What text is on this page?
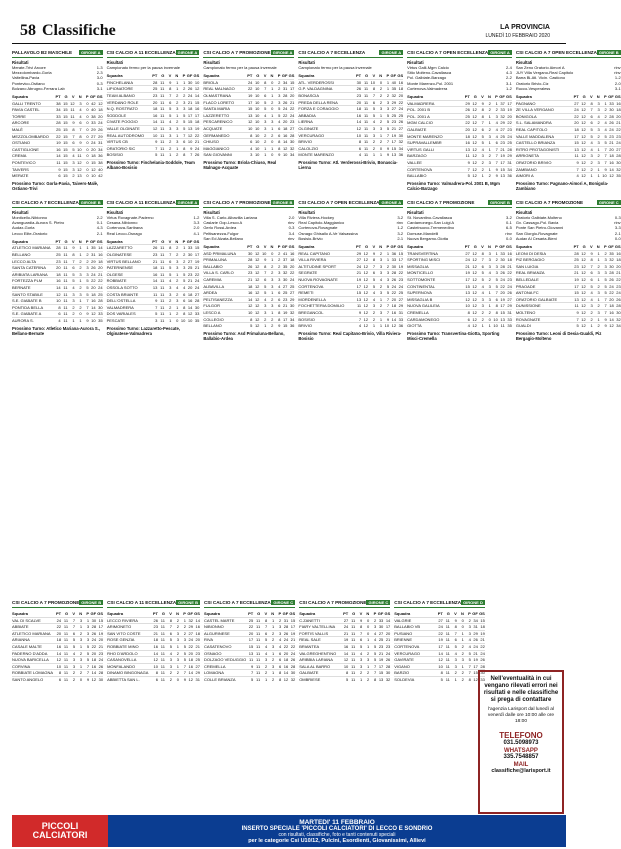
58 Classifiche	LA PROVINCIA
LUNEDÌ 10 FEBBRAIO 2020
PALLAVOLO B2 MASCHILE	GIRONE A
Risultati
Merate-Trivi Arcore	1-3
Mezzolombardo-Gorla	2-3
Valtellina-Pavia	3-0
Pontevico-Ostiano	0-3
Bolzano Abrugno-Ferrara Lab	3-1
Squadra	PT G	V	N	P GF GS
GALLI TRENTO	38 15 12	3	0 42 12
PAVIA CASTEL	34 15 11	4	0 40 18
TORRE	33 15 11	4	0 38 20
ARCORE	28 15	9	6	0 33 24
MALÈ	25 15	8	7	0 29 26
MEZZOLOMBARDO	22 15	7	8	0 27 29
OSTIANO	19 15	6	9	0 24 31
CASTIGLIONE	16 15	5 10	0 20 34
CREMA	14 15	4 11	0 18 36
PONTEVICO	11 15	3 12	0 15 38
TAIVERS	9 15	3 12	0 12 40
MERATE	6 15	2 13	0 10 42
Prossimo Turno: Gorla-Pavia, Taivers-Malè, Ostiano-Trivi
CSI CALCIO A 7 ECCELLENZA GIRONE B
Risultati
Monticello-Nibionno	2-2
Avanguardia-Aurora S. Pietro	0-1
Audax-Gorla	4-3
Lecco Elite-Oratorio	2-1
Squadra	PT G	V	N	P GF GS
ATLETICO MARIANA	28 11	9	1	1 35 14
BELLANO	25 11	8	1	2 31 16
LECCO ALTA	23 11	7	2	2 29 18
SANTA CATERINA	20 11	6	2	3 26 20
ARIBIATA LARIANA	18 11	5	3	3 24 21
FORTEZZA PLM	16 11	5	1	5 22 22
BERNATE	14 11	4	2	5 20 24
SANTO STABILE	12 11	3	3	5 18 25
S.E. GIABATE B	10 11	3	1	7 16 28
PONTIDA BELLA	8 11	2	2	7 14 30
S.E. GIABATE A	6 11	2	0	9 12 33
AURORA S.	4 11	1	1	9 10 35
Prossimo Turno: Atletico Mariana-Aurora S., Bellano-Bernate
CSI CALCIO A 11 ECCELLENZA GIRONE A
Risultati
Campionato fermo per la pausa invernale
Squadra	PT G	V	N	P GF GS
FINCHELANIA	28 11	9	1	1 30 10
LIPIONATORE	25 11	8	1	2 26 12
TEAM ALBANO	23 11	7	2	2 24 14
VERDANO ROLE	20 11	6	2	3 21 15
N.Q. ROSTRATO	18 11	5	3	3 18 16
SODDOLE	16 11	5	1	5 17 17
CIVATE POGGIO	14 11	4	2	5 15 18
VALLE OLGINATE	12 11	3	3	5 13 19
REAL AUTODROMO	10 11	3	1	7 12 22
VIRTUS CB	9 11	2	3	6 10 21
ORATORIO SIC	7 11	2	1	8	9 24
BOSISIO	5 11	1	2	8	7 26
Prossimo Turno: Finchelania-Soddole, Team Albano-Bosisio
CSI CALCIO A 11 ECCELLENZA GIRONE A
Risultati
Virtus Rovagnate-Paderno	1-2
Cesana-Nibionno	3-3
Cortenova-Sartirana	2-0
Real Lecco-Osnago	4-1
Squadra	PT G	V	N	P GF GS
LAZZARETTO	26 11	8	2	1 33 15
OLGINATESE	23 11	7	2	2 30 17
VIRTUS BELLANO	21 11	6	3	2 27 19
PATERNENSE	18 11	5	3	3 25 21
OLGESE	16 11	5	1	5 23 22
ROBBIATE	14 11	4	2	5 21 24
OSSOLA SOTTO	13 11	3	4	4 20 24
COSTA BRIANTE	11 11	3	2	6 18 27
DELL'OSTELLA	9 11	2	3	6 16 28
VALMADRERA	7 11	2	1	8 14 30
DOS VARIALES	5 11	1	2	8 12 33
PESCATE	3 11	1	0 10 10 35
Prossimo Turno: Lazzaretto-Pescate, Olginatese-Valmadrera
CSI CALCIO A 7 PROMOZIONE GIRONE A
Risultati
Campionato fermo per la pausa invernale
Squadra	PT G	V	N	P GF GS
BRIOLA	24 10	8	0	2 34 15
REAL MALNAGO	22 10	7	1	2 31 17
OLMASTRANA	19 10	6	1	3 28 20
FLACO LORETO	17 10	5	2	3 26 21
SANTA MARIA	15 10	5	0	5 24 22
LAZZERETTO	13 10	4	1	5 22 24
PESCARENICO	12 10	3	3	4 20 23
ACQUATE	10 10	3	1	6 18 27
GERMANEDO	8 10	2	2	6 16 28
CHIUSO	6 10	2	0	8 14 30
MAGGIANICO	4 10	1	1	8 12 32
SAN GIOVANNI	3 10	1	0	9 10 34
Prossimo Turno: Briola-Chiuso, Real Malnago-Acquate
CSI CALCIO A 7 PROMOZIONE GIRONE B
Risultati
Villa S. Carlo-Albavilla Lariana	2-0
Caslarie Oop-Lesco A	rinv
Gerlo Rossi-Ardea	0-3
Peltisanezza-Fulgor	3-4
San Ed Alzata-Bellano	rinv
Squadra	PT G	V	N	P GF GS
ASD PRIMALUNA	30 12 10	0	2 41 16
PRIMALUNA	28 12	9	1	2 37 18
BALLABIO	26 12	8	2	2 35 20
VILLA S. CARLO	23 12	7	2	3 32 22
CAREMIA	21 12	6	3	3 30 24
ALBAVILLA	18 12	5	3	4 27 25
ARDEA	16 12	5	1	6 25 27
PELTISANEZZA	14 12	4	2	6 23 29
FULGOR	12 12	3	3	6 21 30
LESCO A	10 12	3	1	8 19 32
COLLEGIO	8 12	2	2	8 17 34
BELLANO	5 12	1	2	9 15 36
Prossimo Turno: Asd Primaluna-Bellano, Ballabio-Ardea
CSI CALCIO A 7 ECCELLENZA	GIRONE A
Risultati
Campionato fermo per la pausa invernale
Squadra	PT G	V	N	P GF GS
ATL. VERDEROSSI	30 11 10	0	1 40 16
G.P. VALDAGNINA	26 11	8	2	1 35 18
BONASCIA	23 11	7	2	2 32 20
PREDA DELLA RENA	20 11	6	2	3 29 22
FORZA E CORAGGIO	18 11	5	3	3 27 24
ABBADIA	16 11	5	1	5 25 25
LIERNA	14 11	4	2	5 23 26
OLGINATE	12 11	3	3	5 21 27
VERCURAGO	10 11	3	1	7 19 30
BRIVIO	8 11	2	2	7 17 32
CALOLZIO	6 11	2	0	9 15 34
MONTE MARENZO	4 11	1	1	9 13 36
Prossimo Turno: Atl. Verderossi-Brivio, Bonascia-Lierna
CSI CALCIO A 7 OPEN ECCELLENZA GIRONE A
Risultati
Villa Riviera-Hockey	3-2
Real Capitolo-Maggianico	rinv
Cortenova-Rovagnate	1-2
Osnago Ghisallo A-Ve Valsassina	3-2
Bosisio-Brivio	2-1
Squadra	PT G	V	N	P GF GS
REAL CAPITANO	29 12	9	2	1 36 15
VILLA RIVIERA	27 12	8	3	1 33 17
ALTITUDINE SPORT	24 12	7	3	2 30 19
SEGRATE	21 12	6	3	3 28 22
NUOVA ROVAGNATE	19 12	5	4	3 26 23
CORTENOVA	17 12	5	2	5 24 24
REMETI	15 12	4	3	5 22 25
MORDENELLA	13 12	4	1	7 20 27
FOCHETTERIA DOMILIO	11 12	3	2	7 18 29
BREGANCOL	9 12	2	3	7 16 31
BOSISIO	7 12	2	1	9 14 33
BRIVIO	4 12	1	1 10 12 36
Prossimo Turno: Real Capitano-Brivio, Villa Riviera-Bosisio
CSI CALCIO A 7 OPEN ECCELLENZA GIRONE A
Risultati
Virtus Galli-Mgm Calcio	2-4
Sitio Molteno-Cavallasca	4-3
Pol. Galbiate-Barzago	2-2
Monte Marenzo-Pol. 2001	3-1
Cortenova-Valmadrera	1-2
Squadra	PT G	V	N	P GF GS
VALMADRERA	29 12	9	2	1 37 17
POL. 2001 B	26 12	8	2	2 33 19
POL. 2001 A	25 12	8	1	3 32 20
MGM CALCIO	22 12	7	1	4 29 22
GALBIATE	20 12	6	2	4 27 23
MONTE MARENZO	18 12	5	3	4 25 24
SUPRAVALLEMBR	16 12	5	1	6 23 25
VIRTUS GALLI	13 12	4	1	7 21 28
BARZAGO	11 12	3	2	7 19 29
VALLEE	9 12	2	3	7 17 31
CORTENOVA	7 12	2	1	9 15 34
BALLABIO	5 12	1	2	9 13 36
Prossimo Turno: Valmadrera-Pol. 2001 B, Mgm Calcio-Barzago
CSI CALCIO A 7 PROMOZIONE	GIRONE B
Risultati
St. Novantino-Cavallasca	3-2
Cardamonego-San Luigi A	0-1
Castelnuovo-Tremenedino	6-5
Domuse-Mandelli	rinv
Nuova Bergamo-Giotta	0-0
Squadra	PT G	V	N	P GF GS
TRANSVERTINA	27 12	8	3	1 33 16
SPORTING MISCI	24 12	7	3	2 30 18
MISSAGLIA	21 12	6	3	3 28 21
MONTICELLO	19 12	5	4	3 26 22
SOTTOMONTE	17 12	5	2	5 24 23
CONTINENTAL	15 12	4	3	5 22 24
SUPERNOVA	13 12	4	1	7 20 26
MISSAGLIA B	12 12	3	3	6 19 27
NUOVA GALILEIA	10 12	3	1	8 17 29
CREMELLA	8 12	2	2	8 15 31
CARDAMONEGO	6 12	2	0 10 13 33
GIOTTA	4 12	1	1 10 11 35
Prossimo Turno: Transvertina-Giotta, Sporting Misci-Cremella
CSI CALCIO A 7 OPEN ECCELLENZA GIRONE B
Risultati
San Zeno Oratorio Aimori A	rinv
JUY Villa Vergano-Real Capitolo	rinv
Barra Bi-Atl. Vicin. Castiono	1-2
Oratorio Brivio-Ciz	2-0
Rucco-Vesperaless	3-1
Squadra	PT G	V	N	P GF GS
PAGNANO	27 12	8	3	1 33 16
ZE VILLA VERGANO	24 12	7	3	2 30 18
BONIGOLA	22 12	6	4	2 28 20
S.L. SALAMANDRA	20 12	6	2	4 26 21
REAL CAPITOLO	18 12	5	3	4 24 22
VALLE MADDALENA	17 12	5	2	5 23 23
CASTELLO BRIANZA	15 12	4	3	5 21 24
RITRO PROTAGONISTI	13 12	4	1	7 20 27
ARRIGNETA	11 12	3	2	7 18 28
ORATORIO BRIVIO	9 12	2	3	7 16 30
ZAMBIANO	7 12	2	1	9 14 32
AIMORI A	4 12	1	1 10 12 35
Prossimo Turno: Pagnano-Aimori A, Bonigola-Zambiano
CSI CALCIO A 7 PROMOZIONE	GIRONE C
Risultati
Oratorio Galbiate-Molteno	0-3
Gx. Cassago-Pol. Bavia	rinv
Ponte San Pietro-Giovanni	3-3
San Giorgio-Rovagnate	2-1
Audax Al Cesaria-Bieni	0-0
Squadra	PT G	V	N	P GF GS
LEONI DI DESIA	28 12	9	1	2 35 16
PIZ BERGAGIO	25 12	8	1	3 32 18
SAN LUIGIA	23 12	7	2	3 30 20
REAL BRIANZA	21 12	6	3	3 28 21
BELLEDALE	19 12	6	1	5 26 22
PRAOADE	17 12	5	2	5 24 23
ANTONA FC	15 12	4	3	5 22 24
ORATORIO GALBIATE	13 12	4	1	7 20 26
DUNISSIONE	11 12	3	2	7 18 28
MOLTENO	9 12	2	3	7 16 30
ROVAGNATE	7 12	2	1	9 14 32
GUALDI	5 12	1	2	9 12 34
Prossimo Turno: Leoni di Desia-Gualdi, Piz Bergagio-Molteno
CSI CALCIO A 7 PROMOZIONE GIRONE B
Squadra	PT G	V	N	P GF GS
VAL DI SCALVE	24 11	7	3	1 30 15
ABBIATE	22 11	7	1	3 28 17
ATLETICO MARIANA	20 11	6	2	3 26 19
ARIANNA	18 11	5	3	3 24 20
CASALE MALTE	16 11	5	1	5 22 21
PADERNO D'ADDA	14 11	4	2	5 20 23
NUOVA BARICELLA	12 11	3	3	5 18 24
CORVINA	10 11	3	1	7 16 26
ROBBIATE LOMAGNA	8 11	2	2	7 14 28
SANTO ANGELO	6 11	2	0	9 12 30
CSI CALCIO A 11 ECCELLENZA GIRONE B
Squadra	PT G	V	N	P GF GS
LECCO RIVIERA	26 11	8	2	1 32 14
ARIMONETO	23 11	7	2	2 29 16
SAN VITO COSTE	21 11	6	3	2 27 18
ROSE GENZIA	18 11	5	3	3 24 20
ROBBIATE MINO	16 11	5	1	5 22 21
RHO D'ARDOLO	14 11	4	2	5 20 23
CASANOVELLA	12 11	3	3	5 18 25
MONFALANDO	10 11	3	1	7 16 27
DINAMO BINGONAGA	8 11	2	2	7 14 29
ABBIETTA SAN L.	6 11	2	0	9 12 31
CSI CALCIO A 7 ECCELLENZA GIRONE C
Squadra	PT G	V	N	P GF GS
CASTEL MARTE	25 11	8	1	2 31 15
NIBIONNO	22 11	7	1	3 28 17
ALGURINESE	20 11	6	2	3 26 19
RIVA	17 11	5	2	4 24 21
CASATENOVO	15 11	4	3	4 22 22
OSNAGO	13 11	4	1	6 20 24
DOLZAGO VEDUGGIO 11 11	3	2	6 18 26
CREMELLA	9 11	2	3	6 16 28
LOMAGNA	7 11	2	1	8 14 30
COLLE BRIANZA	5 11	1	2	8 12 32
CSI CALCIO A 7 PROMOZIONE GIRONE C
Squadra	PT G	V	N	P GF GS
C.ZANETTI	27 11	9	0	2 33 14
FIARY VALTELLINA	24 11	8	0	3 30 17
FORTIS VALLIS	21 11	7	0	4 27 20
REAL SALE	19 11	6	1	4 25 21
BRIANTEA	16 11	5	1	5 23 23
VALGREGHENTINO	14 11	4	2	5 21 24
ARIBBIA LARIANA	12 11	3	3	5 19 26
SALA AL BARRO	10 11	3	1	7 17 28
GALBIATE	8 11	2	2	7 15 30
OMBRIESE	5 11	1	2	8 13 32
CSI CALCIO A 7 ECCELLENZA GIRONE D
Squadra	PT G	V	N	P GF GS
VALGRIE	27 11	9	0	2 34 15
BALLABIO VB	24 11	8	0	3 31 18
PUSIANO	22 11	7	1	3 29 19
BRIENNE	19 11	6	1	4 26 21
CORTENOVA	17 11	5	2	4 24 22
VERCURAGO	14 11	4	2	5 21 24
GAVIRATE	12 11	3	3	5 19 26
VIGANO	10 11	3	1	7 17 28
BARZIO	8 11	2	2	7 15 30
SOLDEVIA	5 11	1	2	8 12 33 Nell'eventualità in cui vengano rilevati errori nei risultati e nelle classifiche si prega di contattare
l'agenzia Larisport dal lunedì al venerdì dalle ore 10:00 alle ore 18:00
TELEFONO
031.5098973
WHATSAPP
335.7548857
MAIL
classifiche@larisport.it
PICCOLI
CALCIATORI
MARTEDI' 11 FEBBRAIO
INSERTO SPECIALE 'PICCOLI CALCIATORI' DI LECCO E SONDRIO
con risultati, classifiche, foto e tanti contenuti speciali
per le categorie Csi U10/12, Pulcini, Esordienti, Giovanissimi, Allievi
